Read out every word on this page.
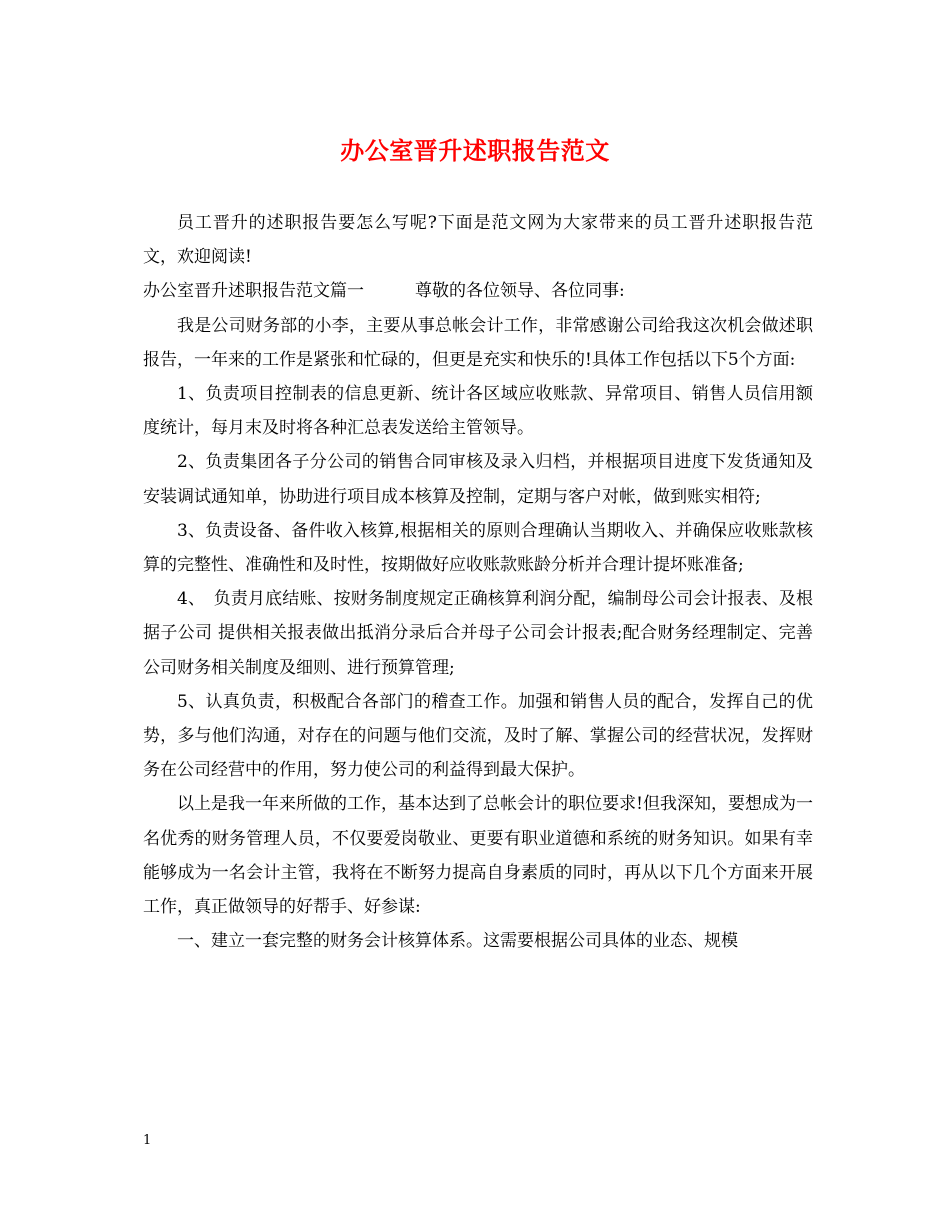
办公室晋升述职报告范文

员工晋升的述职报告要怎么写呢?下面是范文网为大家带来的员工晋升述职报告范文，欢迎阅读!

办公室晋升述职报告范文篇一　　　尊敬的各位领导、各位同事:

我是公司财务部的小李，主要从事总帐会计工作，非常感谢公司给我这次机会做述职报告，一年来的工作是紧张和忙碌的，但更是充实和快乐的!具体工作包括以下5个方面:

1、负责项目控制表的信息更新、统计各区域应收账款、异常项目、销售人员信用额度统计，每月末及时将各种汇总表发送给主管领导。

2、负责集团各子分公司的销售合同审核及录入归档，并根据项目进度下发货通知及安装调试通知单，协助进行项目成本核算及控制，定期与客户对帐，做到账实相符;

3、负责设备、备件收入核算,根据相关的原则合理确认当期收入、并确保应收账款核算的完整性、准确性和及时性，按期做好应收账款账龄分析并合理计提坏账准备;

4、　负责月底结账、按财务制度规定正确核算利润分配，编制母公司会计报表、及根据子公司 提供相关报表做出抵消分录后合并母子公司会计报表;配合财务经理制定、完善公司财务相关制度及细则、进行预算管理;

5、认真负责，积极配合各部门的稽查工作。加强和销售人员的配合，发挥自己的优势，多与他们沟通，对存在的问题与他们交流，及时了解、掌握公司的经营状况，发挥财务在公司经营中的作用，努力使公司的利益得到最大保护。

以上是我一年来所做的工作，基本达到了总帐会计的职位要求!但我深知，要想成为一名优秀的财务管理人员，不仅要爱岗敬业、更要有职业道德和系统的财务知识。如果有幸能够成为一名会计主管，我将在不断努力提高自身素质的同时，再从以下几个方面来开展工作，真正做领导的好帮手、好参谋:

一、建立一套完整的财务会计核算体系。这需要根据公司具体的业态、规模

1
